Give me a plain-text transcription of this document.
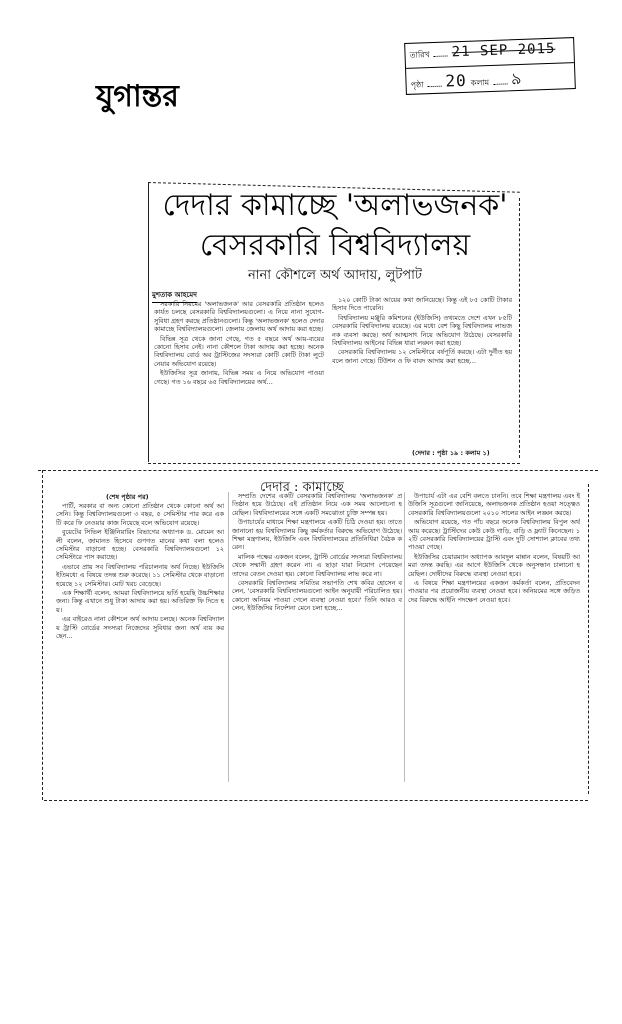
যুগান্তর
তারিখ 21 SEP 2015
পৃষ্ঠা 20 কলাম ৯
দেদার কামাচ্ছে 'অলাভজনক'
বেসরকারি বিশ্ববিদ্যালয়
নানা কৌশলে অর্থ আদায়, লুটপাট
মুশতাক আহমেদ

সরকারি নিয়মের 'অলাভজনক' আর বেসরকারি প্রতিষ্ঠান হলেও কার্যত চলছে বেসরকারি বিশ্ববিদ্যালয়গুলো। এ নিয়ে নানা সুযোগ-সুবিধা গ্রহণ করছে প্রতিষ্ঠানগুলো। কিন্তু 'অলাভজনক' হলেও দেদার কামাচ্ছে বিশ্ববিদ্যালয়গুলো। জেলায় জেলায় অর্থ আদায় করা হচ্ছে।

বিভিন্ন সূত্র থেকে জানা গেছে, গত ৫ বছরে অর্থ আয়-ব্যয়ের কোনো হিসাব নেই। নানা কৌশলে টাকা আদায় করা হচ্ছে। অনেক বিশ্ববিদ্যালয় বোর্ড অব ট্রাস্টিজের সদস্যরা কোটি কোটি টাকা লুটে নেয়ার অভিযোগ রয়েছে।

ইউজিসির সূত্র জানায়, বিভিন্ন সময় এ নিয়ে অভিযোগ পাওয়া গেছে। গত ১৬ বছরে ৬৫ বিশ্ববিদ্যালয়ের অর্থ…

১২০ কোটি টাকা আয়ের কথা জানিয়েছে। কিন্তু এই ৮৫ কোটি টাকার হিসাব দিতে পারেনি।

বিশ্ববিদ্যালয় মঞ্জুরি কমিশনের (ইউজিসি) তথ্যমতে দেশে এখন ৮৫টি বেসরকারি বিশ্ববিদ্যালয় রয়েছে। এর মধ্যে বেশ কিছু বিশ্ববিদ্যালয় লাভজনক ব্যবসা করছে। অর্থ আত্মসাৎ নিয়ে অভিযোগ উঠেছে। বেসরকারি বিশ্ববিদ্যালয় আইনের বিভিন্ন ধারা লঙ্ঘন করা হচ্ছে।

বেসরকারি বিশ্ববিদ্যালয় ১২ সেমিস্টারে বর্ষপূর্তি করছে। এটা দুর্নীত হয় বলে জানা গেছে। টিউশন ও ফি বাবদ আদায় করা হচ্ছে…

(দেদার : পৃষ্ঠা ১৯ : কলাম ১)
দেদার : কামাচ্ছে
(শেষ পৃষ্ঠার পর)

পার্টি, সরকার বা অন্য কোনো প্রতিষ্ঠান থেকে কোনো অর্থ আসেনি। কিন্তু বিশ্ববিদ্যালয়গুলো ৩ বছর, ৫ সেমিস্টার পার করে একটি করে ফি নেওয়ার কাজ নিয়েছে বলে অভিযোগ রয়েছে।

বুয়েটের সিভিল ইঞ্জিনিয়ারিং বিভাগের অধ্যাপক ড. মোমেন আলী বলেন, জামানত হিসেবে গুণগত মানের কথা বলা হলেও সেমিস্টার বাড়ানো হচ্ছে। বেসরকারি বিশ্ববিদ্যালয়গুলো ১২ সেমিস্টারে পাস করাচ্ছে।

এভাবে প্রায় সব বিশ্ববিদ্যালয় পরিচালনায় অর্থ নিচ্ছে। ইউজিসি ইতিমধ্যে এ বিষয়ে তদন্ত শুরু করেছে। ১১ সেমিস্টার থেকে বাড়ানো হয়েছে ১২ সেমিস্টার। মোট খরচ বেড়েছে।

এক শিক্ষার্থী বলেন, আমরা বিশ্ববিদ্যালয়ে ভর্তি হয়েছি উচ্চশিক্ষার জন্য। কিন্তু এখানে শুধু টাকা আদায় করা হয়। অতিরিক্ত ফি দিতে হয়।

এর বাইরেও নানা কৌশলে অর্থ আদায় চলছে। অনেক বিশ্ববিদ্যালয় ট্রাস্টি বোর্ডের সদস্যরা নিজেদের সুবিধার জন্য অর্থ ব্যয় করছেন…

সম্প্রতি দেশের একটি বেসরকারি বিশ্ববিদ্যালয় 'অলাভজনক' প্রতিষ্ঠান হয়ে উঠেছে। এই প্রতিষ্ঠান নিয়ে এক সময় আলোচনা হয়েছিল। বিশ্ববিদ্যালয়ের সঙ্গে একটি সমঝোতা চুক্তি সম্পন্ন হয়।

উপাচার্যের মাধ্যমে শিক্ষা মন্ত্রণালয়ে একটি চিঠি দেওয়া হয়। তাতে জানানো হয় বিশ্ববিদ্যালয় কিছু কর্মকর্তার বিরুদ্ধে অভিযোগ উঠেছে। শিক্ষা মন্ত্রণালয়, ইউজিসি এবং বিশ্ববিদ্যালয়ের প্রতিনিধিরা বৈঠক করেন।

মালিক পক্ষের একজন বলেন, ট্রাস্টি বোর্ডের সদস্যরা বিশ্ববিদ্যালয় থেকে সম্মানী গ্রহণ করেন না। এ ছাড়া যারা নিয়োগ পেয়েছেন তাদের বেতন দেওয়া হয়। কোনো বিশ্ববিদ্যালয় লাভ করে না।

বেসরকারি বিশ্ববিদ্যালয় সমিতির সভাপতি শেখ কবির হোসেন বলেন, 'বেসরকারি বিশ্ববিদ্যালয়গুলো আইন অনুযায়ী পরিচালিত হয়। কোনো অনিয়ম পাওয়া গেলে ব্যবস্থা নেওয়া হবে।' তিনি আরও বলেন, ইউজিসির নির্দেশনা মেনে চলা হচ্ছে…

উপাচার্য এটা এর বেশি বলতে চাননি। তবে শিক্ষা মন্ত্রণালয় এবং ইউজিসি সূত্রগুলো জানিয়েছে, অলাভজনক প্রতিষ্ঠান হওয়া সত্ত্বেও বেসরকারি বিশ্ববিদ্যালয়গুলো ২০১০ সালের আইন লঙ্ঘন করছে।

অভিযোগ রয়েছে, গত পাঁচ বছরে অনেক বিশ্ববিদ্যালয় বিপুল অর্থ আয় করেছে। ট্রাস্টিদের কেউ কেউ গাড়ি, বাড়ি ও ফ্ল্যাট কিনেছেন। ১২টি বেসরকারি বিশ্ববিদ্যালয়ের ট্রাস্টি এবং দুটি সোশ্যাল ক্লাবের তথ্য পাওয়া গেছে।

ইউজিসির চেয়ারম্যান অধ্যাপক আবদুল মান্নান বলেন, বিষয়টি আমরা তদন্ত করছি। এর আগে ইউজিসি থেকে অনুসন্ধান চালানো হয়েছিল। দোষীদের বিরুদ্ধে ব্যবস্থা নেওয়া হবে।

এ বিষয়ে শিক্ষা মন্ত্রণালয়ের একজন কর্মকর্তা বলেন, প্রতিবেদন পাওয়ার পর প্রয়োজনীয় ব্যবস্থা নেওয়া হবে। অনিয়মের সঙ্গে জড়িতদের বিরুদ্ধে আইনি পদক্ষেপ নেওয়া হবে।
